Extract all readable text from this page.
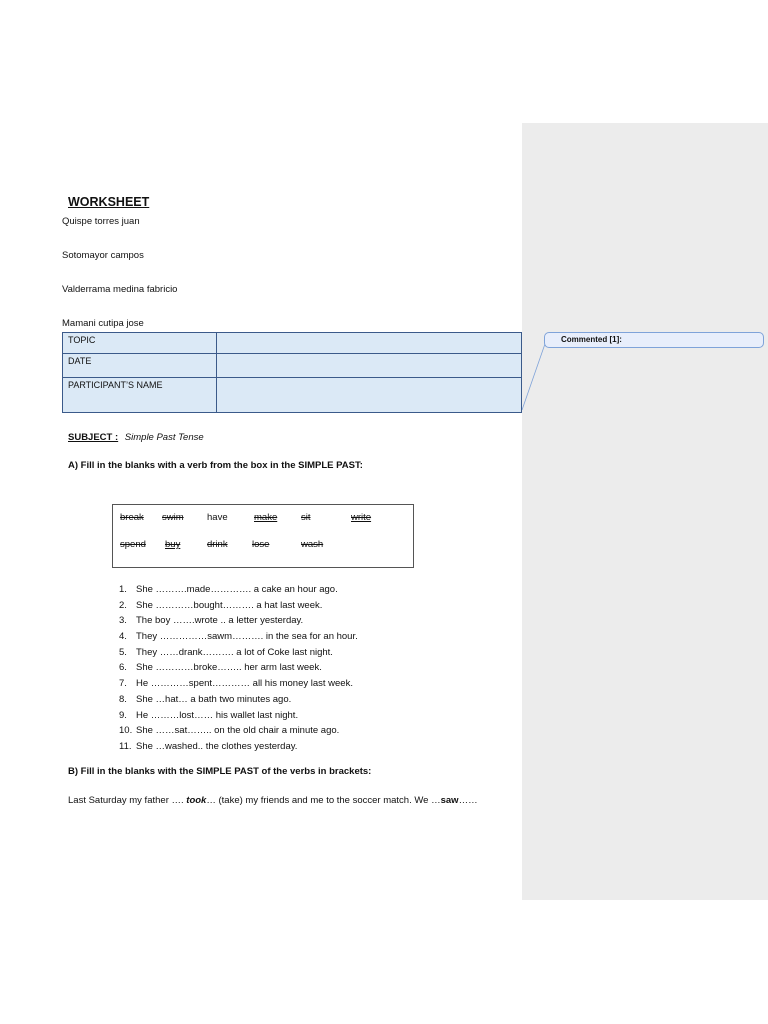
Commented [1]:
WORKSHEET
Quispe torres juan
Sotomayor campos
Valderrama medina fabricio
Mamani cutipa jose
TOPIC	
DATE	
PARTICIPANT’S NAME	
SUBJECT : Simple Past Tense
A) Fill in the blanks with a verb from the box in the SIMPLE PAST:
break swim have	make	sit	write
spend buy	drink	lose	wash
1. She ……….made…………. a cake an hour ago.
2. She …………bought………. a hat last week.
3. The boy …….wrote .. a letter yesterday.
4. They ……………sawm………. in the sea for an hour.
5. They ……drank………. a lot of Coke last night.
6. She …………broke…….. her arm last week.
7. He …………spent………… all his money last week.
8. She …hat… a bath two minutes ago.
9. He ………lost…… his wallet last night.
10. She ……sat…….. on the old chair a minute ago.
11. She …washed.. the clothes yesterday.
B) Fill in the blanks with the SIMPLE PAST of the verbs in brackets:
Last Saturday my father …. took… (take) my friends and me to the soccer match. We …saw……
